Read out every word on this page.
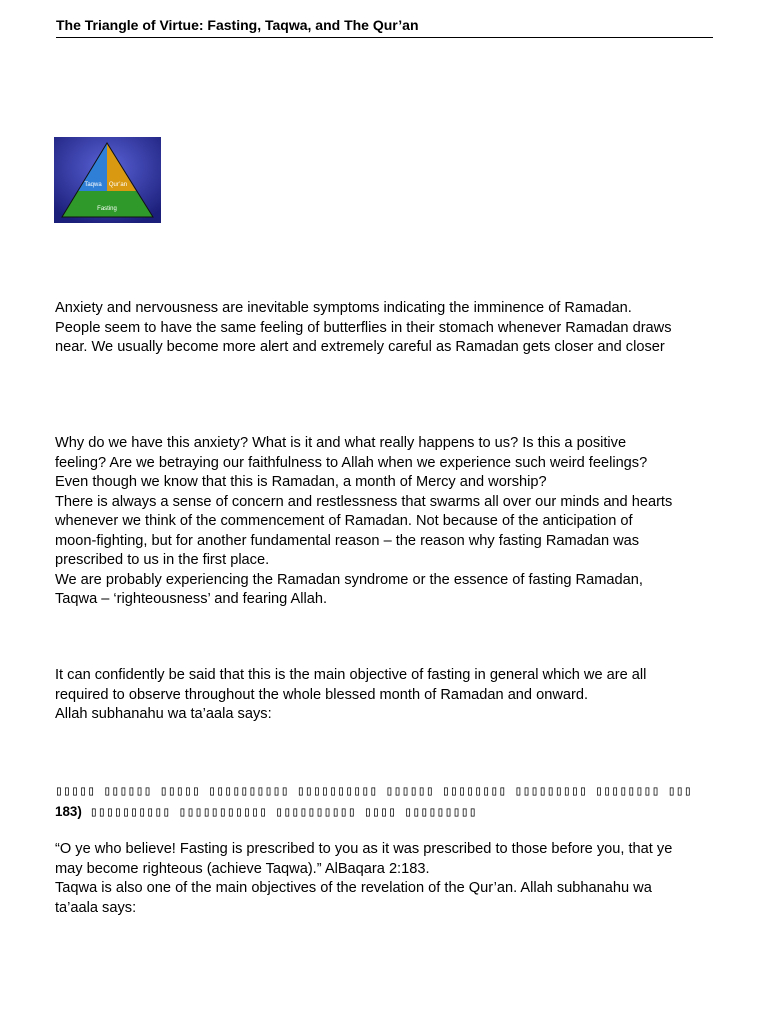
The Triangle of Virtue: Fasting, Taqwa, and The Qur’an
Taqwa Qur’an
Fasting

Anxiety and nervousness are inevitable symptoms indicating the imminence of Ramadan.
People seem to have the same feeling of butterflies in their stomach whenever Ramadan draws
near. We usually become more alert and extremely careful as Ramadan gets closer and closer

Why do we have this anxiety? What is it and what really happens to us? Is this a positive
feeling? Are we betraying our faithfulness to Allah when we experience such weird feelings?
Even though we know that this is Ramadan, a month of Mercy and worship?
There is always a sense of concern and restlessness that swarms all over our minds and hearts
whenever we think of the commencement of Ramadan. Not because of the anticipation of
moon-fighting, but for another fundamental reason – the reason why fasting Ramadan was
prescribed to us in the first place.
We are probably experiencing the Ramadan syndrome or the essence of fasting Ramadan,
Taqwa – ‘righteousness’ and fearing Allah.

It can confidently be said that this is the main objective of fasting in general which we are all
required to observe throughout the whole blessed month of Ramadan and onward.
Allah subhanahu wa ta’aala says:

▯▯▯▯▯ ▯▯▯▯▯▯ ▯▯▯▯▯ ▯▯▯▯▯▯▯▯▯▯ ▯▯▯▯▯▯▯▯▯▯ ▯▯▯▯▯▯ ▯▯▯▯▯▯▯▯ ▯▯▯▯▯▯▯▯▯ ▯▯▯▯▯▯▯▯ ▯▯▯
183) ▯▯▯▯▯▯▯▯▯▯ ▯▯▯▯▯▯▯▯▯▯▯ ▯▯▯▯▯▯▯▯▯▯ ▯▯▯▯ ▯▯▯▯▯▯▯▯▯

“O ye who believe! Fasting is prescribed to you as it was prescribed to those before you, that ye
may become righteous (achieve Taqwa).” AlBaqara 2:183.
Taqwa is also one of the main objectives of the revelation of the Qur’an. Allah subhanahu wa
ta’aala says:
